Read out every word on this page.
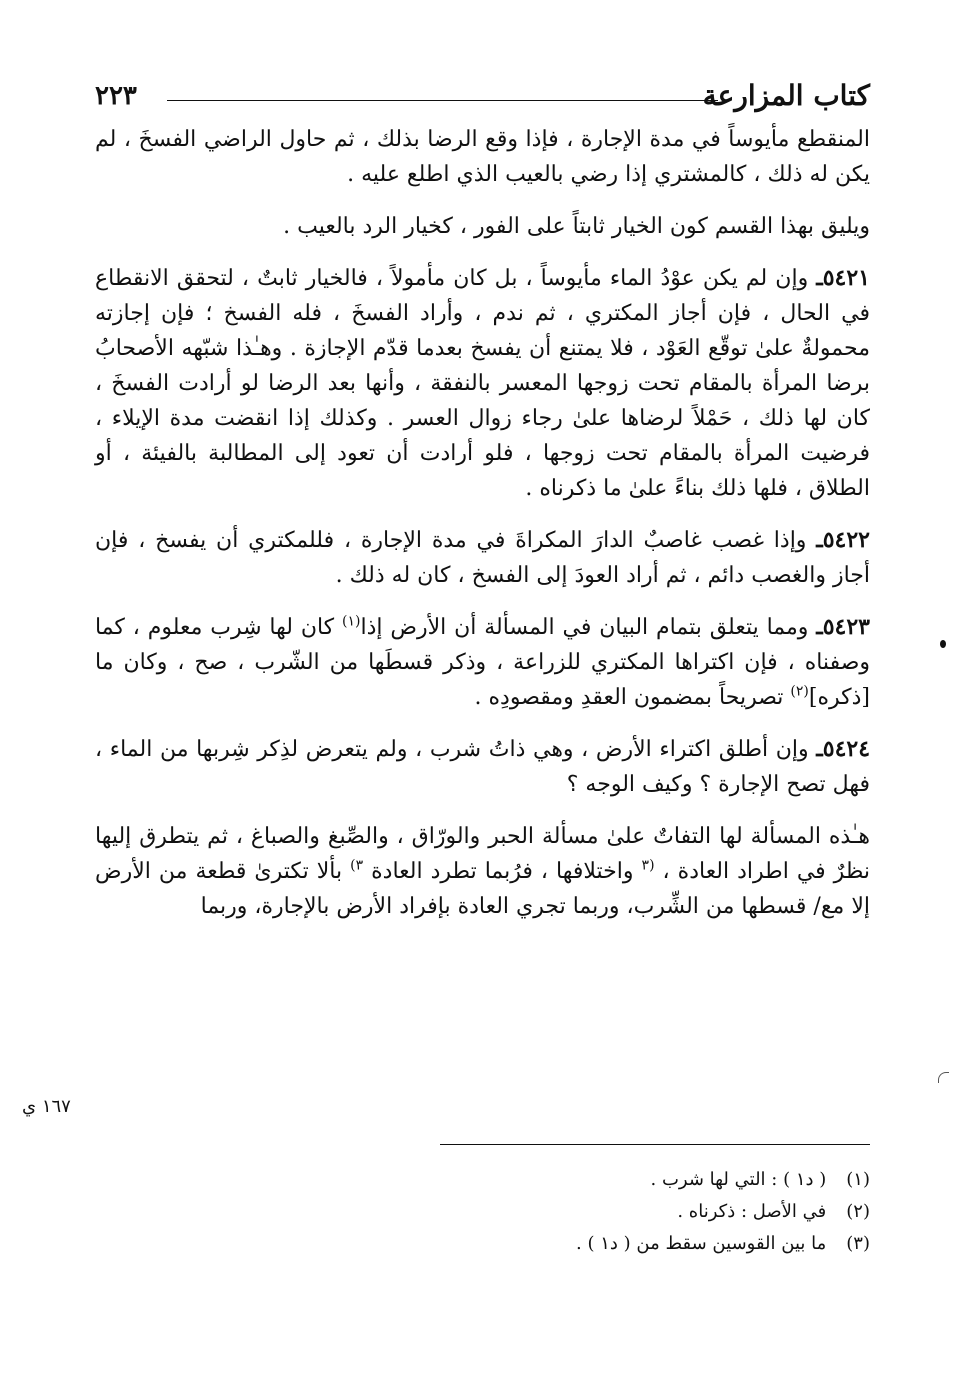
كتاب المزارعة
٢٢٣

المنقطع مأيوساً في مدة الإجارة ، فإذا وقع الرضا بذلك ، ثم حاول الراضي الفسخَ ، لم يكن له ذلك ، كالمشتري إذا رضي بالعيب الذي اطلع عليه .

ويليق بهذا القسم كون الخيار ثابتاً على الفور ، كخيار الرد بالعيب .

٥٤٢١ـ وإن لم يكن عوْدُ الماء مأيوساً ، بل كان مأمولاً ، فالخيار ثابتٌ ، لتحقق الانقطاع في الحال ، فإن أجاز المكتري ، ثم ندم ، وأراد الفسخَ ، فله الفسخ ؛ فإن إجازته محمولةٌ علىٰ توقّع العَوْد ، فلا يمتنع أن يفسخ بعدما قدّم الإجازة . وهـٰذا شبّهه الأصحابُ برضا المرأة بالمقام تحت زوجها المعسر بالنفقة ، وأنها بعد الرضا لو أرادت الفسخَ ، كان لها ذلك ، حَمْلاً لرضاها علىٰ رجاء زوال العسر . وكذلك إذا انقضت مدة الإيلاء ، فرضيت المرأة بالمقام تحت زوجها ، فلو أرادت أن تعود إلى المطالبة بالفيئة ، أو الطلاق ، فلها ذلك بناءً علىٰ ما ذكرناه .

٥٤٢٢ـ وإذا غصب غاصبٌ الدارَ المكراةَ في مدة الإجارة ، فللمكتري أن يفسخ ، فإن أجاز والغصب دائم ، ثم أراد العودَ إلى الفسخ ، كان له ذلك .

٥٤٢٣ـ ومما يتعلق بتمام البيان في المسألة أن الأرض إذا$^{(١)}$ كان لها شِرب معلوم ، كما وصفناه ، فإن اكتراها المكتري للزراعة ، وذكر قسطَها من الشّرب ، صح ، وكان ما [ذكره]$^{(٢)}$ تصريحاً بمضمون العقدِ ومقصودِه .

٥٤٢٤ـ وإن أطلق اكتراء الأرض ، وهي ذاتُ شرب ، ولم يتعرض لذِكر شِربها من الماء ، فهل تصح الإجارة ؟ وكيف الوجه ؟

هـٰذه المسألة لها التفاتٌ علىٰ مسألة الحبر والورّاق ، والصِّبغ والصباغ ، ثم يتطرق إليها نظرٌ في اطراد العادة ، $^{(٣}$ واختلافها ، فرُبما تطرد العادة $^{٣)}$ بألا تكترىٰ قطعة من الأرض إلا مع/ قسطها من الشِّرب، وربما تجري العادة بإفراد الأرض بالإجارة، وربما

١٦٧ ي
(١) ( د١ ) : التي لها شرب .
(٢) في الأصل : ذكرناه .
(٣) ما بين القوسين سقط من ( د١ ) .
